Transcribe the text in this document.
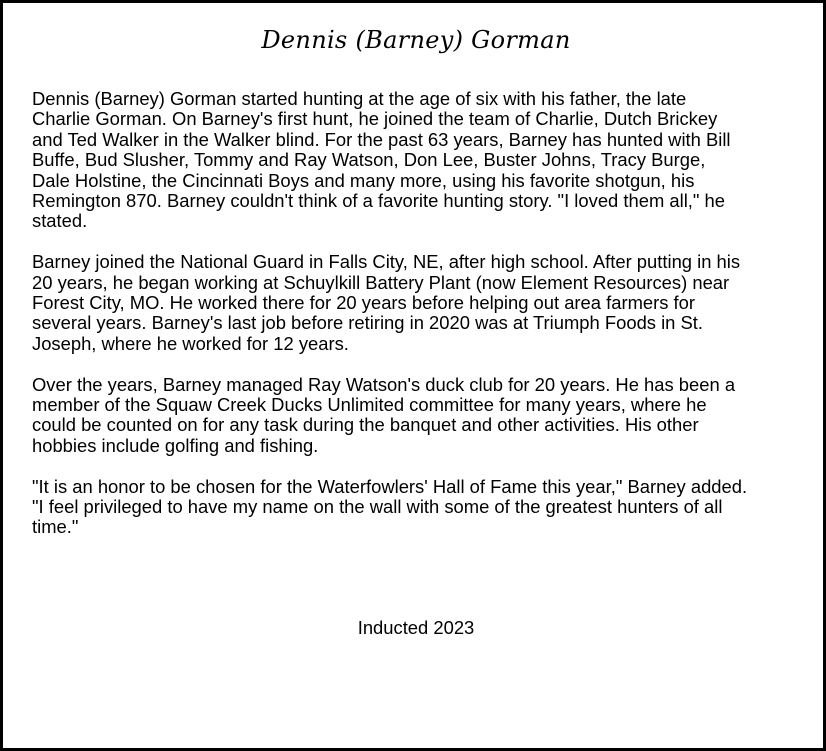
Dennis (Barney) Gorman

Dennis (Barney) Gorman started hunting at the age of six with his father, the late
Charlie Gorman. On Barney's first hunt, he joined the team of Charlie, Dutch Brickey
and Ted Walker in the Walker blind. For the past 63 years, Barney has hunted with Bill
Buffe, Bud Slusher, Tommy and Ray Watson, Don Lee, Buster Johns, Tracy Burge,
Dale Holstine, the Cincinnati Boys and many more, using his favorite shotgun, his
Remington 870. Barney couldn't think of a favorite hunting story. "I loved them all," he
stated.

Barney joined the National Guard in Falls City, NE, after high school. After putting in his
20 years, he began working at Schuylkill Battery Plant (now Element Resources) near
Forest City, MO. He worked there for 20 years before helping out area farmers for
several years. Barney's last job before retiring in 2020 was at Triumph Foods in St.
Joseph, where he worked for 12 years.

Over the years, Barney managed Ray Watson's duck club for 20 years. He has been a
member of the Squaw Creek Ducks Unlimited committee for many years, where he
could be counted on for any task during the banquet and other activities. His other
hobbies include golfing and fishing.

"It is an honor to be chosen for the Waterfowlers' Hall of Fame this year," Barney added.
"I feel privileged to have my name on the wall with some of the greatest hunters of all
time."

Inducted 2023
